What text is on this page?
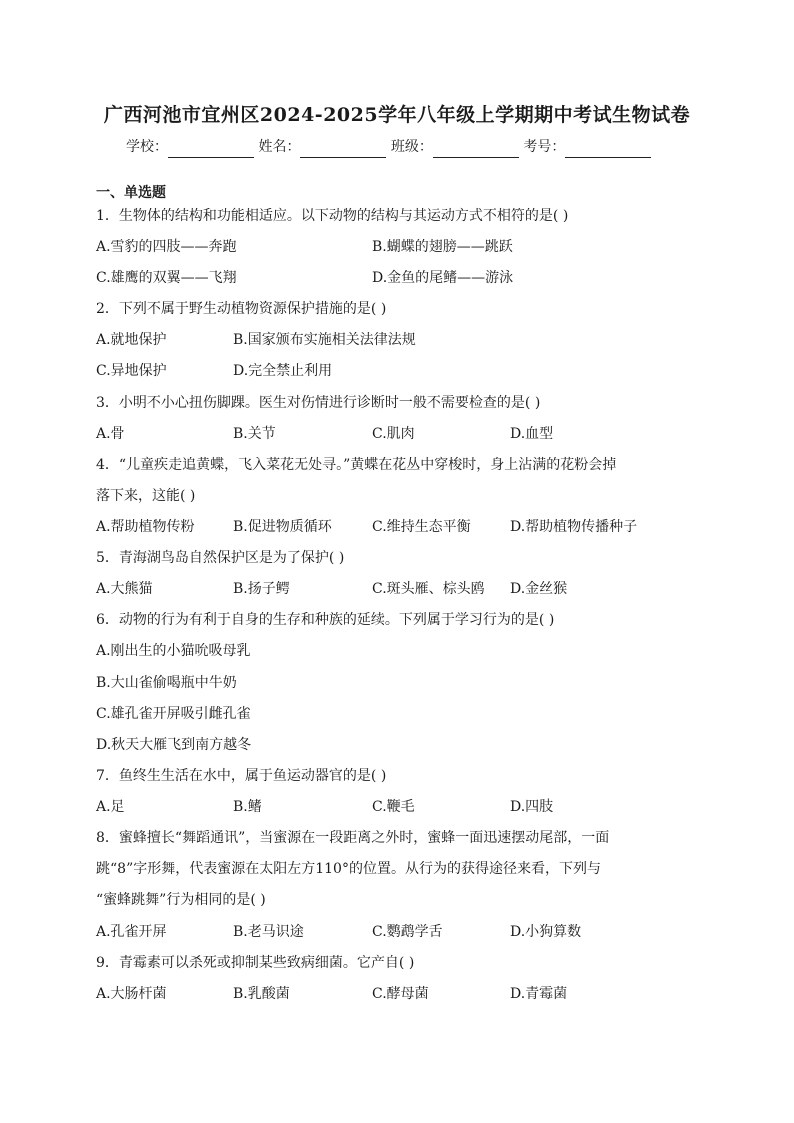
广西河池市宜州区2024-2025学年八年级上学期期中考试生物试卷
学校：	姓名：	班级：	考号：
一、单选题
1．生物体的结构和功能相适应。以下动物的结构与其运动方式不相符的是( )
A.雪豹的四肢——奔跑	B.蝴蝶的翅膀——跳跃
C.雄鹰的双翼——飞翔	D.金鱼的尾鳍——游泳
2．下列不属于野生动植物资源保护措施的是( )
A.就地保护	B.国家颁布实施相关法律法规
C.异地保护	D.完全禁止利用
3．小明不小心扭伤脚踝。医生对伤情进行诊断时一般不需要检查的是( )
A.骨	B.关节	C.肌肉	D.血型
4．“儿童疾走追黄蝶，飞入菜花无处寻。”黄蝶在花丛中穿梭时，身上沾满的花粉会掉
落下来，这能( )
A.帮助植物传粉	B.促进物质循环	C.维持生态平衡	D.帮助植物传播种子
5．青海湖鸟岛自然保护区是为了保护( )
A.大熊猫	B.扬子鳄	C.斑头雁、棕头鸥 D.金丝猴
6．动物的行为有利于自身的生存和种族的延续。下列属于学习行为的是( )
A.刚出生的小猫吮吸母乳
B.大山雀偷喝瓶中牛奶
C.雄孔雀开屏吸引雌孔雀
D.秋天大雁飞到南方越冬
7．鱼终生生活在水中，属于鱼运动器官的是( )
A.足	B.鳍	C.鞭毛	D.四肢
8．蜜蜂擅长“舞蹈通讯”，当蜜源在一段距离之外时，蜜蜂一面迅速摆动尾部，一面
跳“8”字形舞，代表蜜源在太阳左方110°的位置。从行为的获得途径来看，下列与
“蜜蜂跳舞”行为相同的是( )
A.孔雀开屏	B.老马识途	C.鹦鹉学舌	D.小狗算数
9．青霉素可以杀死或抑制某些致病细菌。它产自( )
A.大肠杆菌	B.乳酸菌	C.酵母菌	D.青霉菌
